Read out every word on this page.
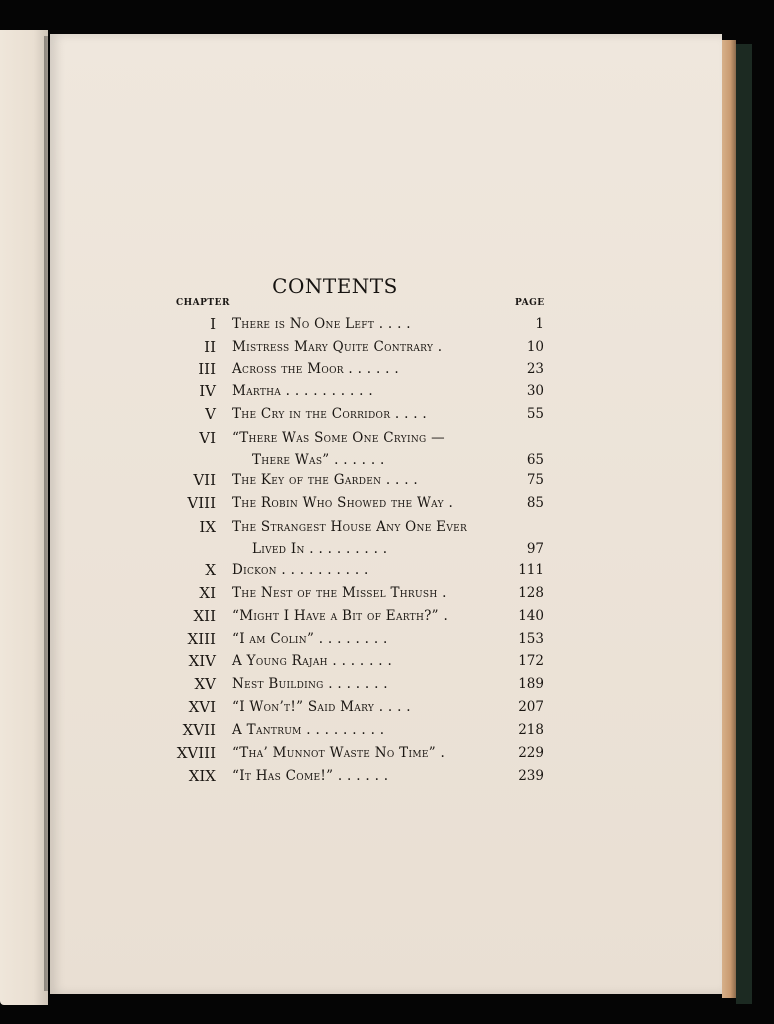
CONTENTS
CHAPTER	PAGE
I There is No One Left . . . .	1
II Mistress Mary Quite Contrary .	10
III Across the Moor . . . . . .	23
IV Martha . . . . . . . . . .	30
V The Cry in the Corridor . . . .	55
VI “There Was Some One Crying —
There Was” . . . . . .	65
VII The Key of the Garden . . . .	75
VIII The Robin Who Showed the Way .	85
IX The Strangest House Any One Ever
Lived In . . . . . . . . .	97
X Dickon . . . . . . . . . .	111
XI The Nest of the Missel Thrush .	128
XII “Might I Have a Bit of Earth?” .	140
XIII “I am Colin” . . . . . . . .	153
XIV A Young Rajah . . . . . . .	172
XV Nest Building . . . . . . .	189
XVI “I Won’t!” Said Mary . . . .	207
XVII A Tantrum . . . . . . . . .	218
XVIII “Tha’ Munnot Waste No Time” .	229
XIX “It Has Come!” . . . . . .	239
